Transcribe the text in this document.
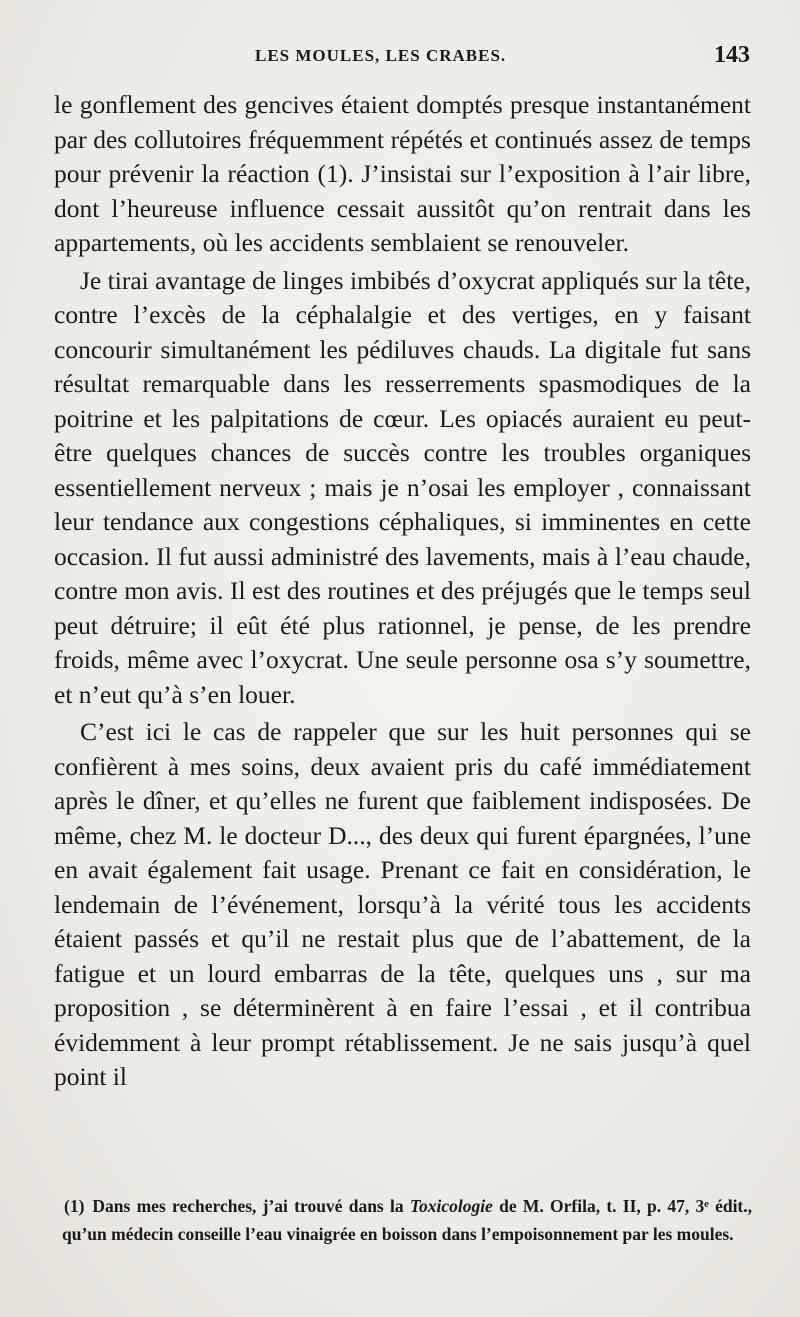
LES MOULES, LES CRABES.	143

le gonflement des gencives étaient domptés presque instantanément par des collutoires fréquemment répétés et continués assez de temps pour prévenir la réaction (1). J’insistai sur l’exposition à l’air libre, dont l’heureuse influence cessait aussitôt qu’on rentrait dans les appartements, où les accidents semblaient se renouveler.

Je tirai avantage de linges imbibés d’oxycrat appliqués sur la tête, contre l’excès de la céphalalgie et des vertiges, en y faisant concourir simultanément les pédiluves chauds. La digitale fut sans résultat remarquable dans les resserrements spasmodiques de la poitrine et les palpitations de cœur. Les opiacés auraient eu peut-être quelques chances de succès contre les troubles organiques essentiellement nerveux ; mais je n’osai les employer , connaissant leur tendance aux congestions céphaliques, si imminentes en cette occasion. Il fut aussi administré des lavements, mais à l’eau chaude, contre mon avis. Il est des routines et des préjugés que le temps seul peut détruire; il eût été plus rationnel, je pense, de les prendre froids, même avec l’oxycrat. Une seule personne osa s’y soumettre, et n’eut qu’à s’en louer.

C’est ici le cas de rappeler que sur les huit personnes qui se confièrent à mes soins, deux avaient pris du café immédiatement après le dîner, et qu’elles ne furent que faiblement indisposées. De même, chez M. le docteur D..., des deux qui furent épargnées, l’une en avait également fait usage. Prenant ce fait en considération, le lendemain de l’événement, lorsqu’à la vérité tous les accidents étaient passés et qu’il ne restait plus que de l’abattement, de la fatigue et un lourd embarras de la tête, quelques uns , sur ma proposition , se déterminèrent à en faire l’essai , et il contribua évidemment à leur prompt rétablissement. Je ne sais jusqu’à quel point il

(1) Dans mes recherches, j’ai trouvé dans la Toxicologie de M. Orfila, t. II, p. 47, 3ᵉ édit., qu’un médecin conseille l’eau vinaigrée en boisson dans l’empoisonnement par les moules.
